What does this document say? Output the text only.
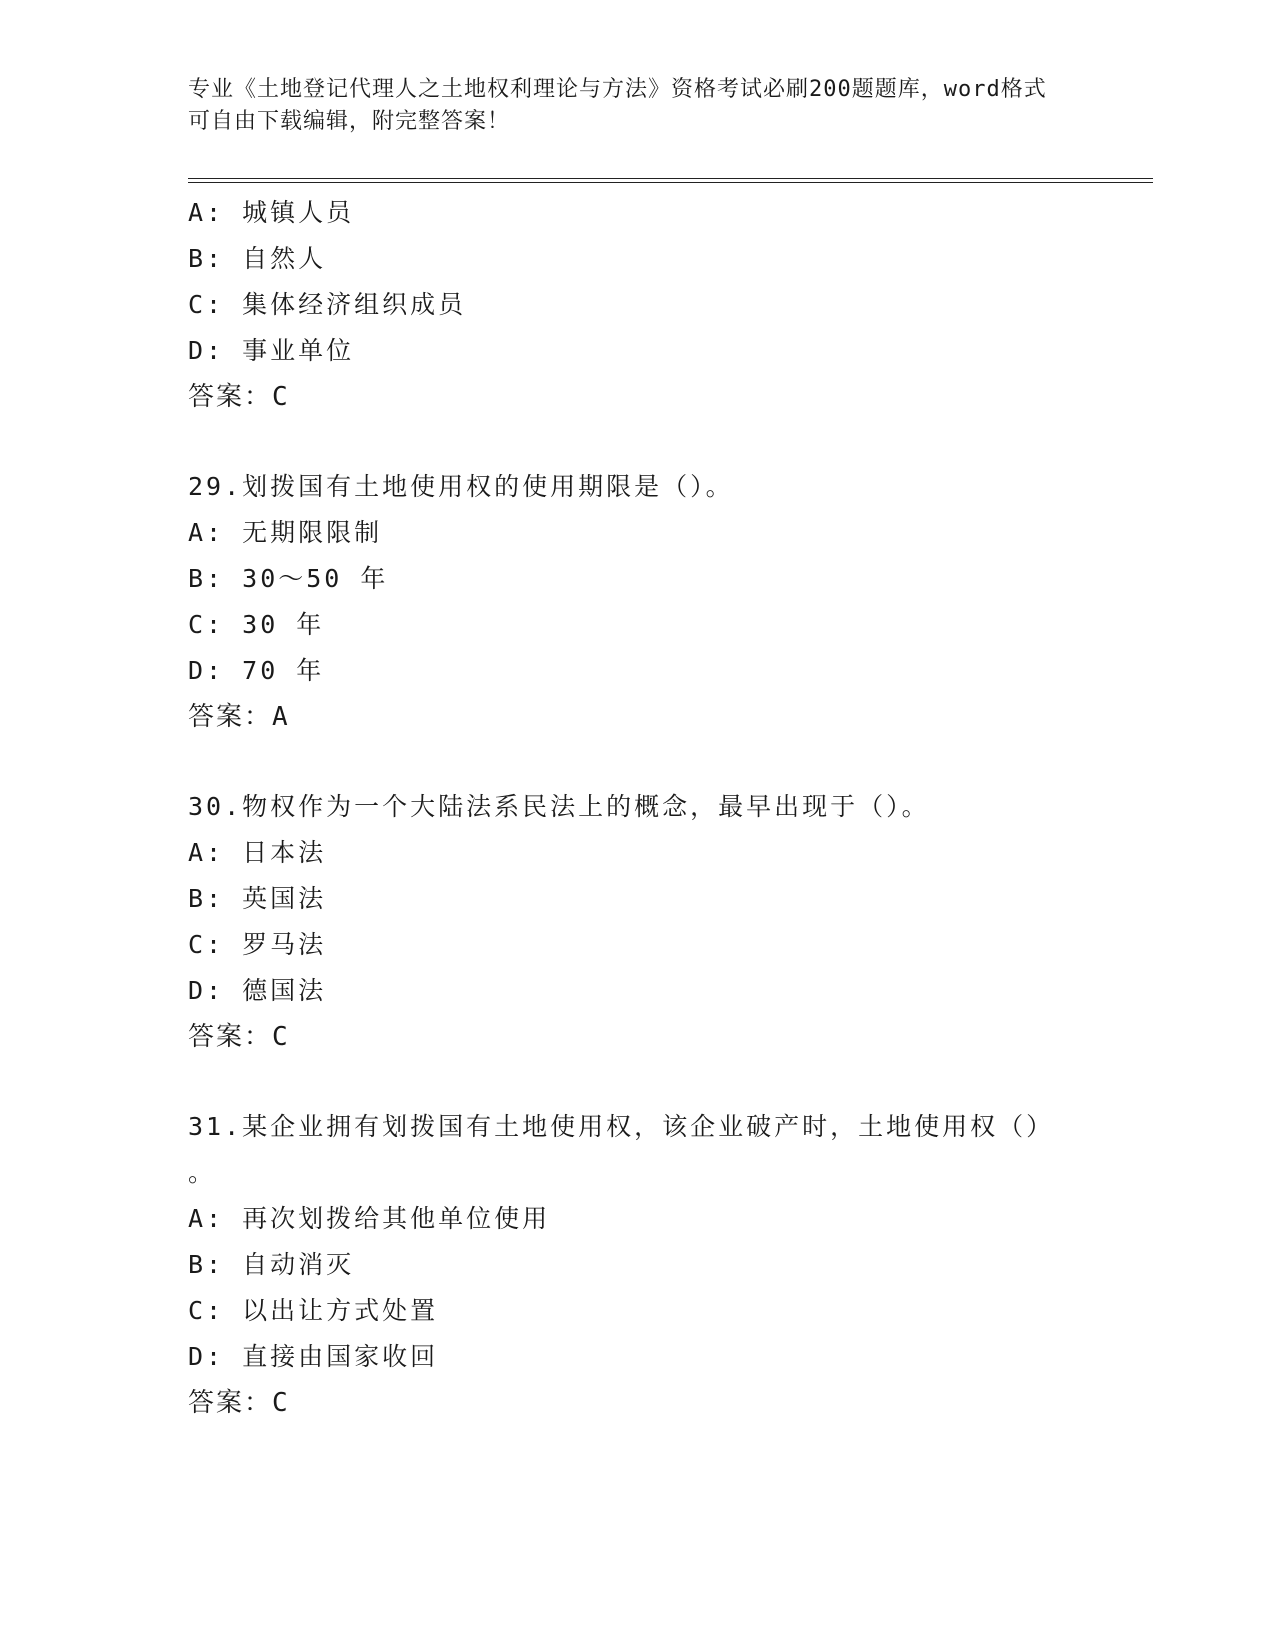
专业《土地登记代理人之土地权利理论与方法》资格考试必刷200题题库，word格式可自由下载编辑，附完整答案！
A: 城镇人员
B: 自然人
C: 集体经济组织成员
D: 事业单位
答案：C
29.划拨国有土地使用权的使用期限是（）。
A: 无期限限制
B: 30～50 年
C: 30 年
D: 70 年
答案：A
30.物权作为一个大陆法系民法上的概念，最早出现于（）。
A: 日本法
B: 英国法
C: 罗马法
D: 德国法
答案：C
31.某企业拥有划拨国有土地使用权，该企业破产时，土地使用权（）
。
A: 再次划拨给其他单位使用
B: 自动消灭
C: 以出让方式处置
D: 直接由国家收回
答案：C
